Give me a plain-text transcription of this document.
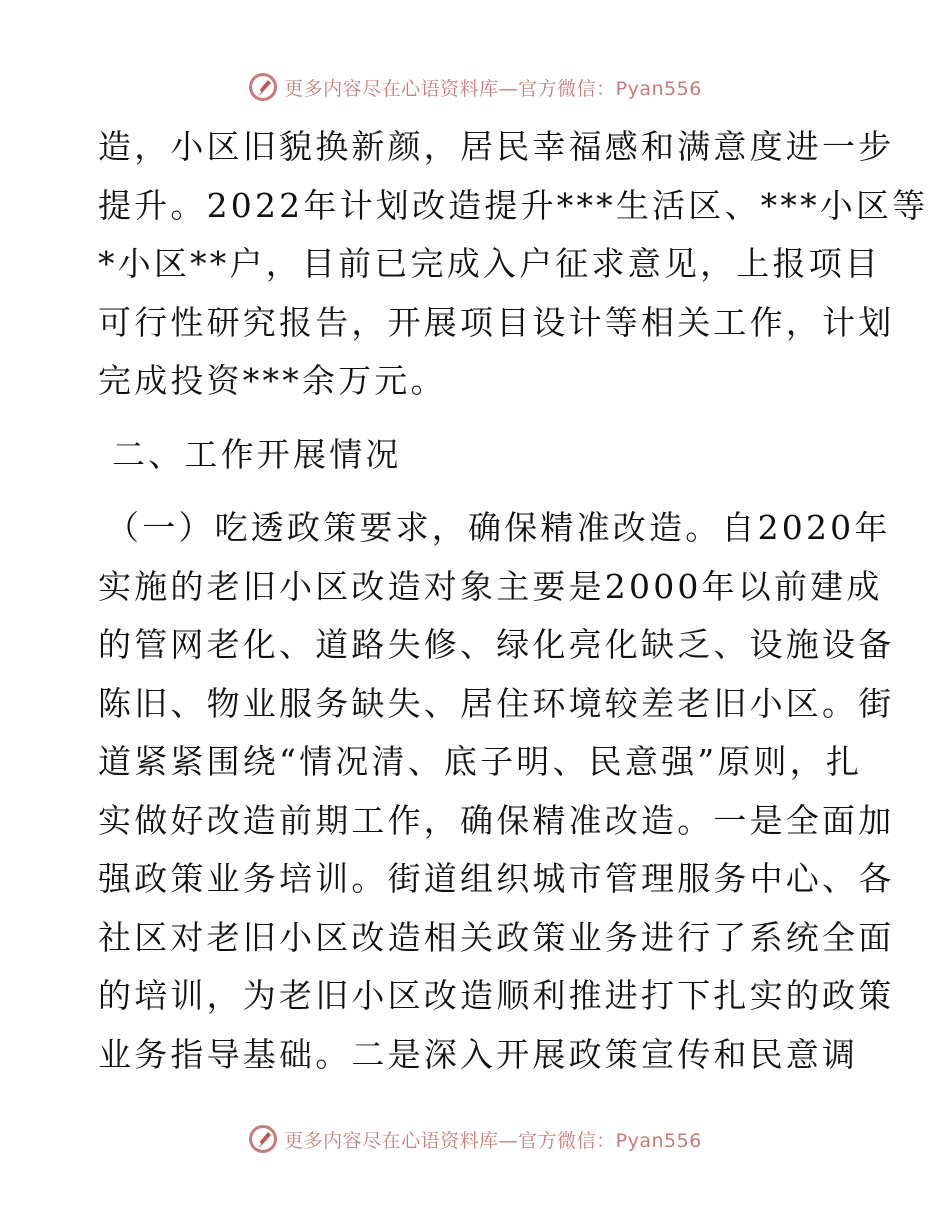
更多内容尽在心语资料库—官方微信：Pyan556
造，小区旧貌换新颜，居民幸福感和满意度进一步
提升。2022年计划改造提升***生活区、***小区等
*小区**户，目前已完成入户征求意见，上报项目
可行性研究报告，开展项目设计等相关工作，计划
完成投资***余万元。
二、工作开展情况
（一）吃透政策要求，确保精准改造。自2020年
实施的老旧小区改造对象主要是2000年以前建成
的管网老化、道路失修、绿化亮化缺乏、设施设备
陈旧、物业服务缺失、居住环境较差老旧小区。街
道紧紧围绕“情况清、底子明、民意强”原则，扎
实做好改造前期工作，确保精准改造。一是全面加
强政策业务培训。街道组织城市管理服务中心、各
社区对老旧小区改造相关政策业务进行了系统全面
的培训，为老旧小区改造顺利推进打下扎实的政策
业务指导基础。二是深入开展政策宣传和民意调
更多内容尽在心语资料库—官方微信：Pyan556
